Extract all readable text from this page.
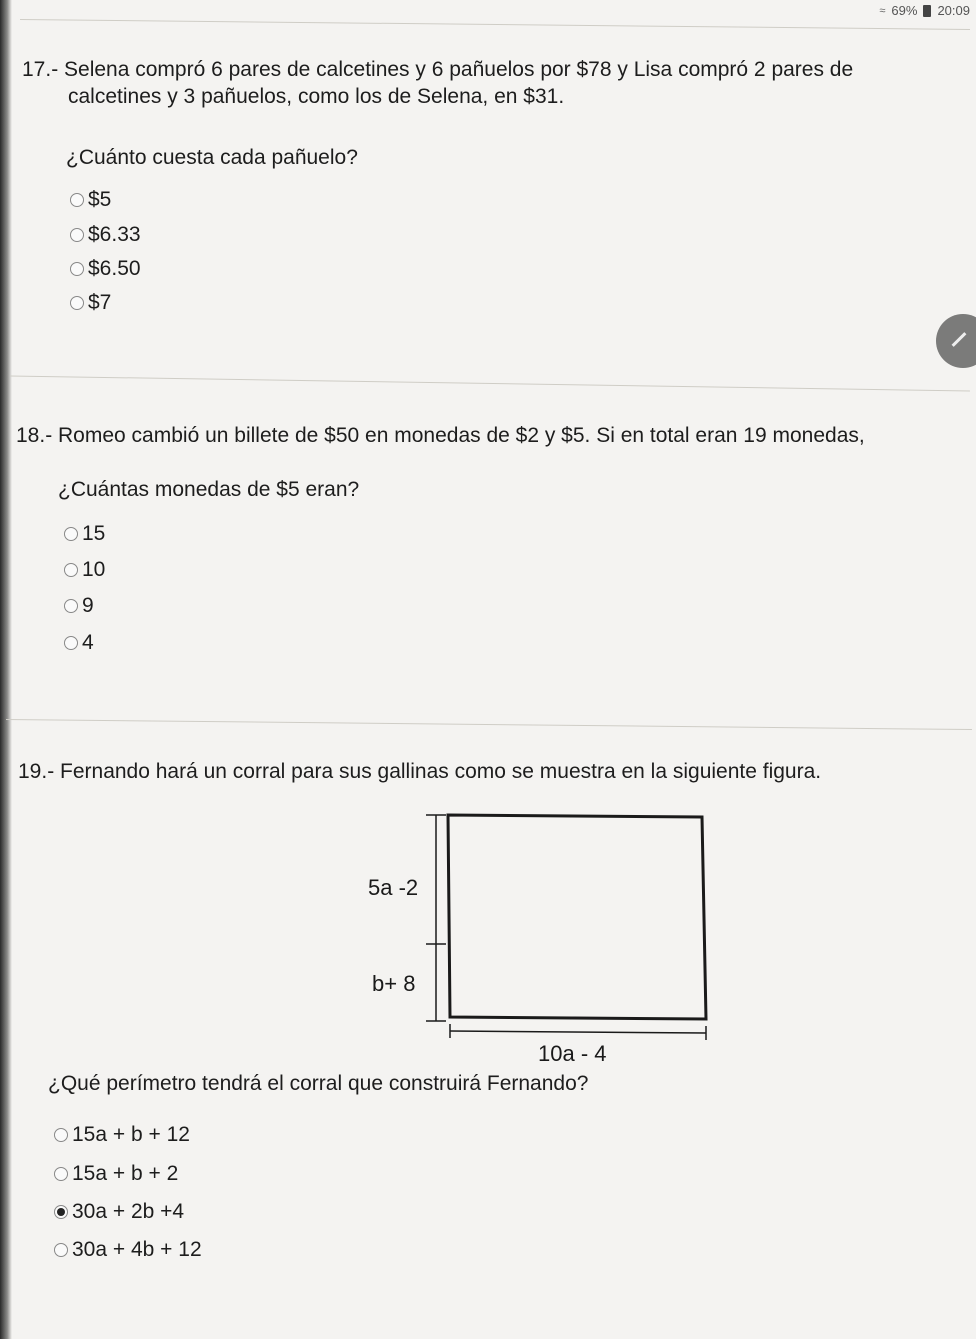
≈ 69% 20:09

17.- Selena compró 6 pares de calcetines y 6 pañuelos por $78 y Lisa compró 2 pares de

calcetines y 3 pañuelos, como los de Selena, en $31.

¿Cuánto cuesta cada pañuelo?
$5
$6.33
$6.50
$7
18.- Romeo cambió un billete de $50 en monedas de $2 y $5. Si en total eran 19 monedas,
¿Cuántas monedas de $5 eran?
15
10
9
4
19.- Fernando hará un corral para sus gallinas como se muestra en la siguiente figura.
5a -2
b+ 8
10a - 4
¿Qué perímetro tendrá el corral que construirá Fernando?
15a + b + 12
15a + b + 2
30a + 2b +4
30a + 4b + 12
